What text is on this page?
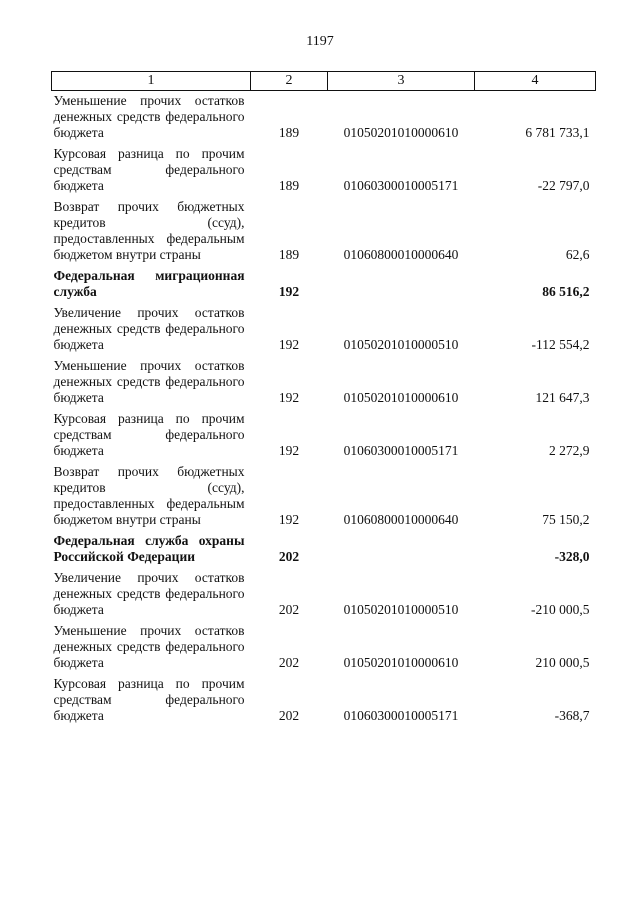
1197
1	2	3	4
Уменьшение прочих остатков денежных средств федерального бюджета	189	01050201010000610	6 781 733,1
Курсовая разница по прочим средствам федерального бюджета	189	01060300010005171	-22 797,0
Возврат прочих бюджетных кредитов (ссуд), предоставленных федеральным бюджетом внутри страны	189	01060800010000640	62,6
Федеральная миграционная служба	192		86 516,2
Увеличение прочих остатков денежных средств федерального бюджета	192	01050201010000510	-112 554,2
Уменьшение прочих остатков денежных средств федерального бюджета	192	01050201010000610	121 647,3
Курсовая разница по прочим средствам федерального бюджета	192	01060300010005171	2 272,9
Возврат прочих бюджетных кредитов (ссуд), предоставленных федеральным бюджетом внутри страны	192	01060800010000640	75 150,2
Федеральная служба охраны Российской Федерации	202		-328,0
Увеличение прочих остатков денежных средств федерального бюджета	202	01050201010000510	-210 000,5
Уменьшение прочих остатков денежных средств федерального бюджета	202	01050201010000610	210 000,5
Курсовая разница по прочим средствам федерального бюджета	202	01060300010005171	-368,7
